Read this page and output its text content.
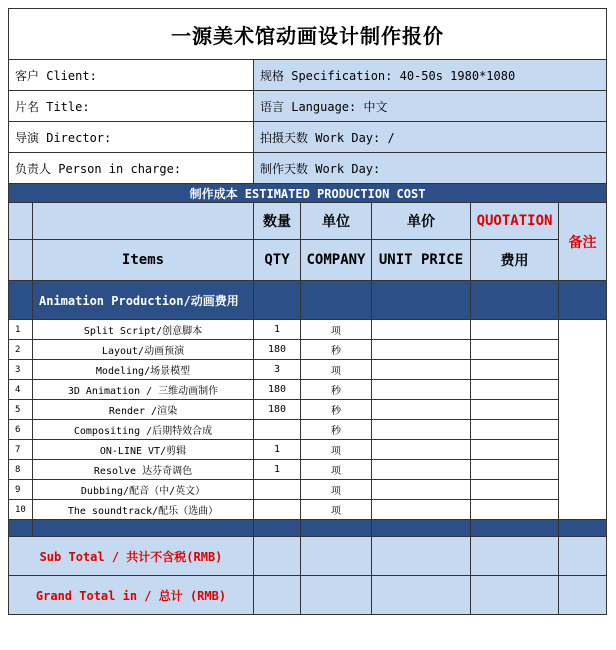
一源美术馆动画设计制作报价						
客户 Client:		规格 Specification: 40-50s 1980*1080				
片名 Title:		语言 Language: 中文				
导演 Director:		拍摄天数 Work Day: /				
负责人 Person in charge:		制作天数 Work Day:				
制作成本 ESTIMATED PRODUCTION COST						
		数量	单位	单价	QUOTATION	备注
	Items	QTY	COMPANY	UNIT PRICE	费用	
	Animation Production/动画费用					
1	Split Script/创意脚本	1	项			
2	Layout/动画预演	180	秒			
3	Modeling/场景模型	3	项			
4	3D Animation / 三维动画制作	180	秒			
5	Render /渲染	180	秒			
6	Compositing /后期特效合成		秒			
7	ON-LINE VT/剪辑	1	项			
8	Resolve 达芬奇调色	1	项			
9	Dubbing/配音（中/英文）		项			
10	The soundtrack/配乐（选曲）		项			

Sub Total / 共计不含税(RMB)						
Grand Total in / 总计 (RMB)						
